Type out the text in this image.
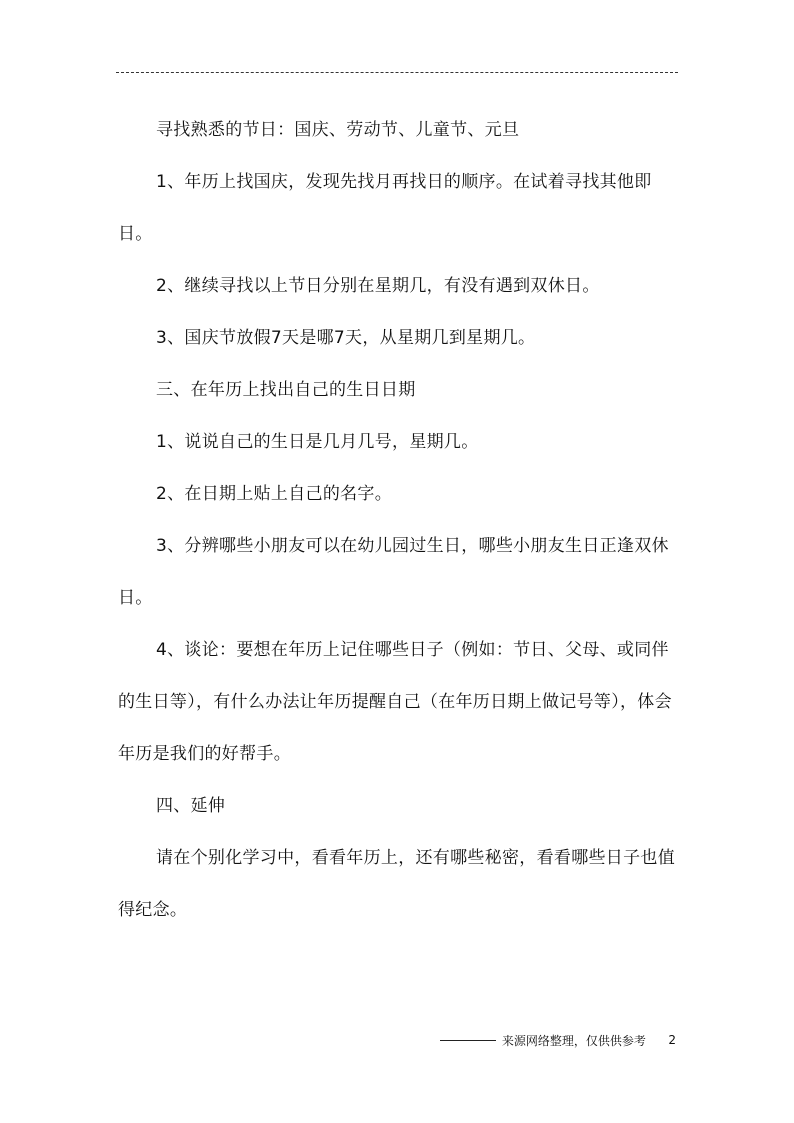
寻找熟悉的节日：国庆、劳动节、儿童节、元旦

1、年历上找国庆，发现先找月再找日的顺序。在试着寻找其他即日。

2、继续寻找以上节日分别在星期几，有没有遇到双休日。

3、国庆节放假7天是哪7天，从星期几到星期几。

三、在年历上找出自己的生日日期

1、说说自己的生日是几月几号，星期几。

2、在日期上贴上自己的名字。

3、分辨哪些小朋友可以在幼儿园过生日，哪些小朋友生日正逢双休日。

4、谈论：要想在年历上记住哪些日子（例如：节日、父母、或同伴的生日等），有什么办法让年历提醒自己（在年历日期上做记号等），体会年历是我们的好帮手。

四、延伸

请在个别化学习中，看看年历上，还有哪些秘密，看看哪些日子也值得纪念。

来源网络整理，仅供供参考 2
